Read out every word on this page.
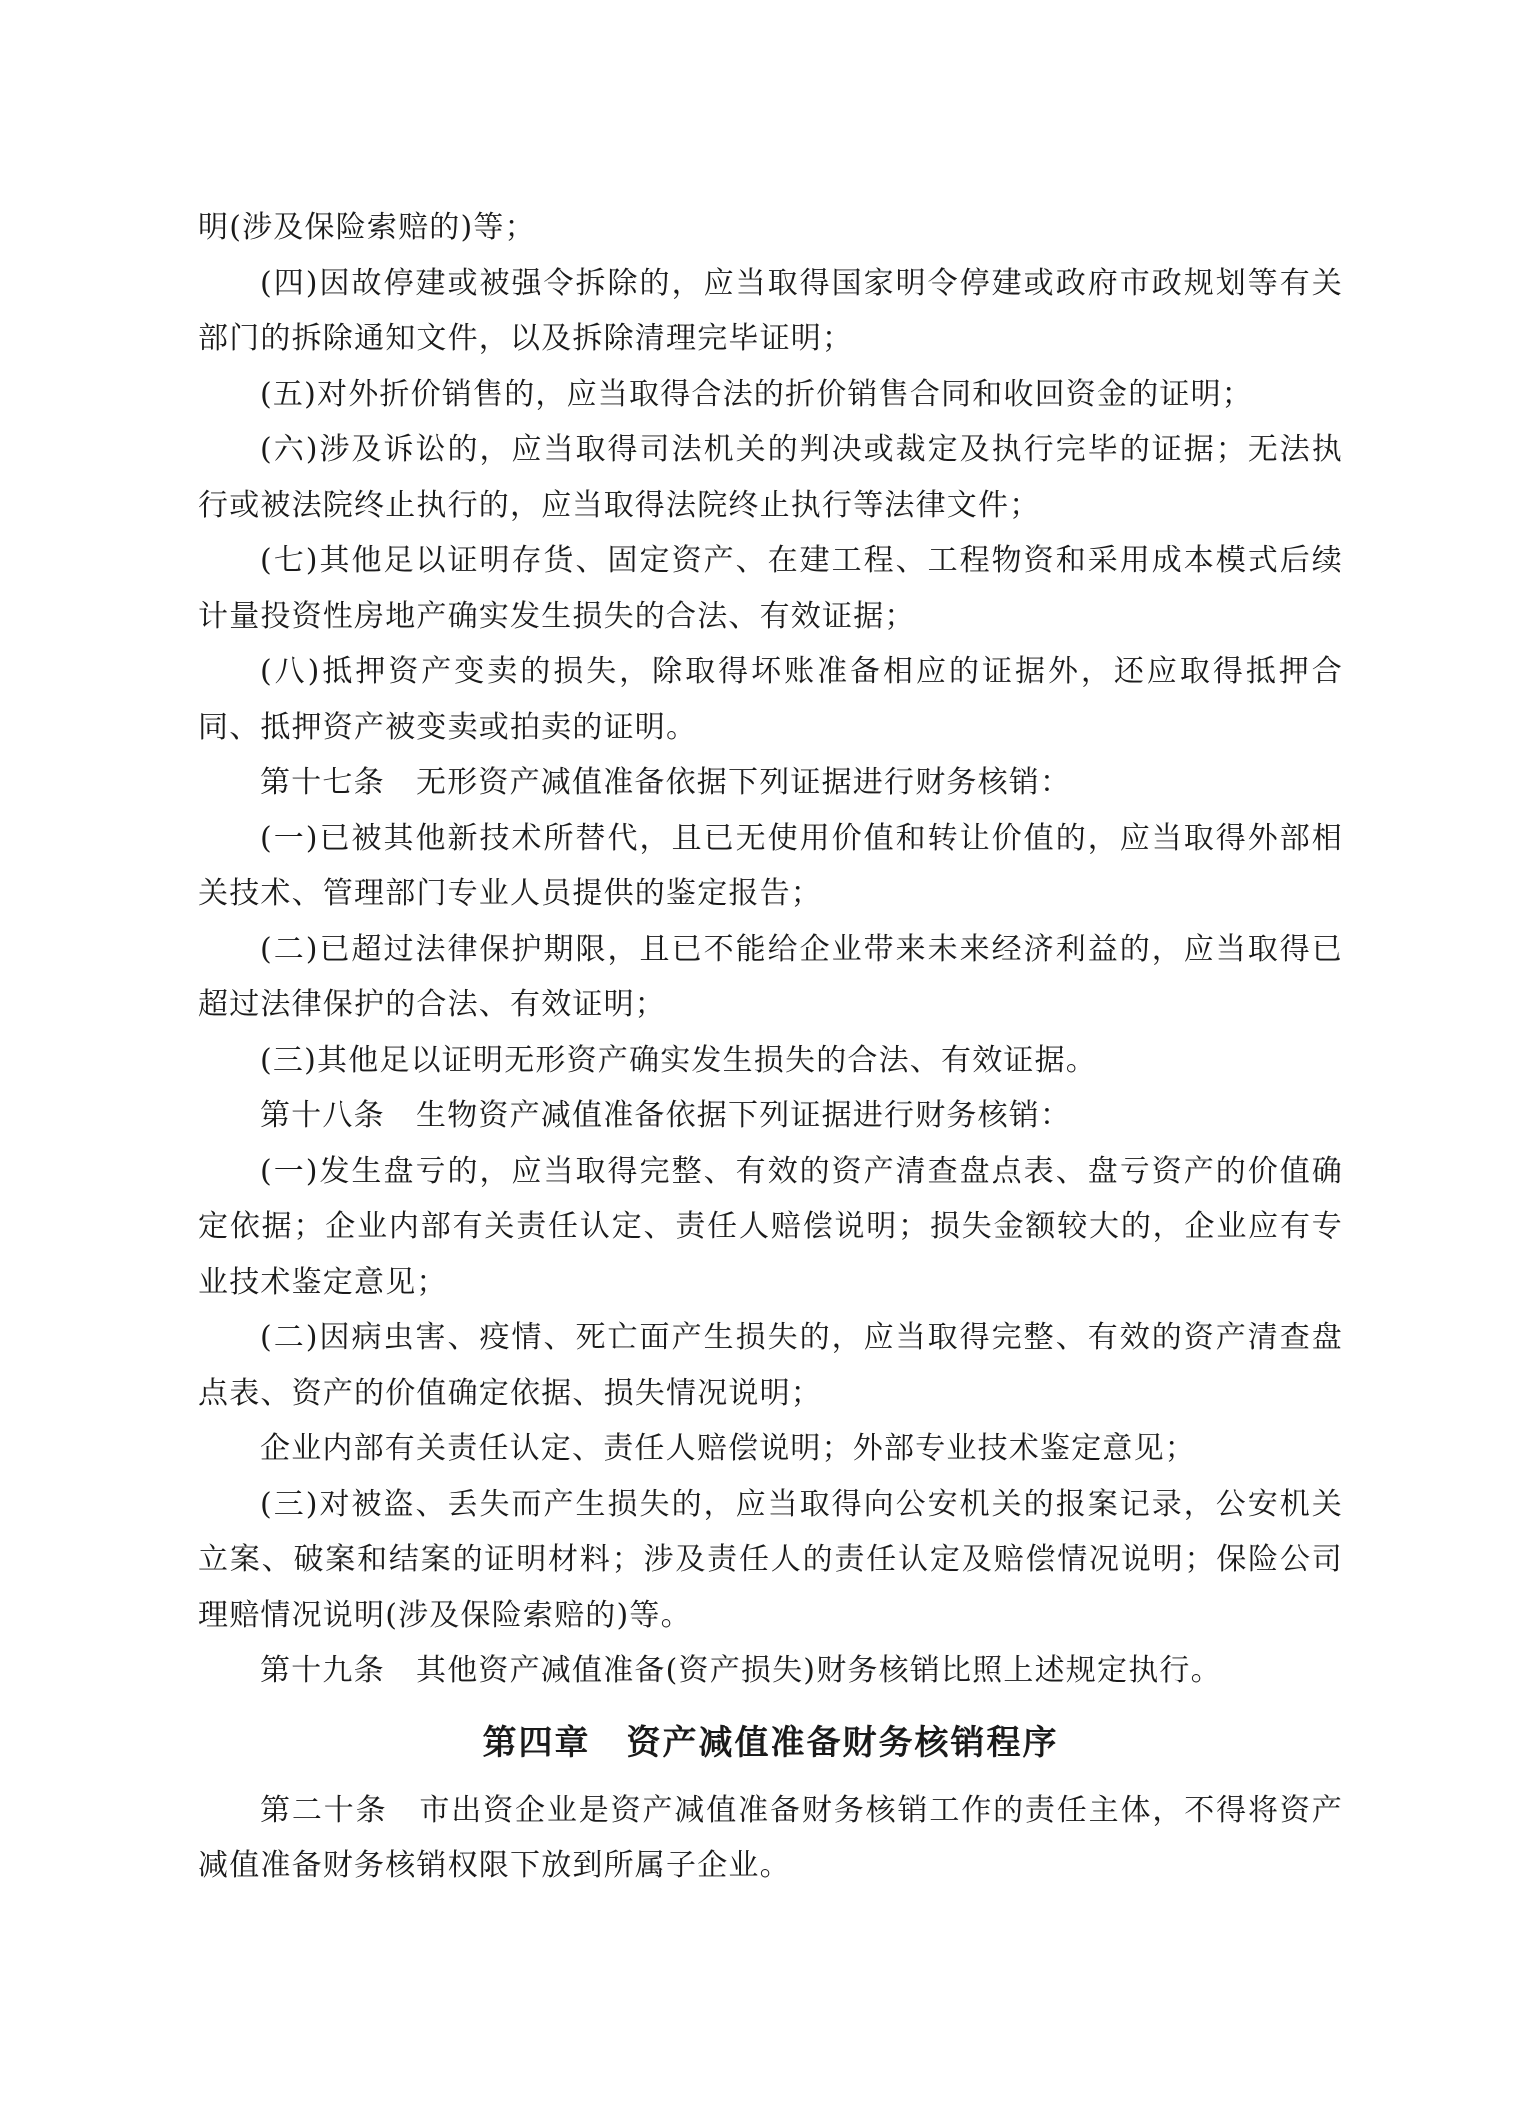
明(涉及保险索赔的)等；

(四)因故停建或被强令拆除的，应当取得国家明令停建或政府市政规划等有关部门的拆除通知文件，以及拆除清理完毕证明；

(五)对外折价销售的，应当取得合法的折价销售合同和收回资金的证明；

(六)涉及诉讼的，应当取得司法机关的判决或裁定及执行完毕的证据；无法执行或被法院终止执行的，应当取得法院终止执行等法律文件；

(七)其他足以证明存货、固定资产、在建工程、工程物资和采用成本模式后续计量投资性房地产确实发生损失的合法、有效证据；

(八)抵押资产变卖的损失，除取得坏账准备相应的证据外，还应取得抵押合同、抵押资产被变卖或拍卖的证明。

第十七条　无形资产减值准备依据下列证据进行财务核销：

(一)已被其他新技术所替代，且已无使用价值和转让价值的，应当取得外部相关技术、管理部门专业人员提供的鉴定报告；

(二)已超过法律保护期限，且已不能给企业带来未来经济利益的，应当取得已超过法律保护的合法、有效证明；

(三)其他足以证明无形资产确实发生损失的合法、有效证据。

第十八条　生物资产减值准备依据下列证据进行财务核销：

(一)发生盘亏的，应当取得完整、有效的资产清查盘点表、盘亏资产的价值确定依据；企业内部有关责任认定、责任人赔偿说明；损失金额较大的，企业应有专业技术鉴定意见；

(二)因病虫害、疫情、死亡面产生损失的，应当取得完整、有效的资产清查盘点表、资产的价值确定依据、损失情况说明；

企业内部有关责任认定、责任人赔偿说明；外部专业技术鉴定意见；

(三)对被盗、丢失而产生损失的，应当取得向公安机关的报案记录，公安机关立案、破案和结案的证明材料；涉及责任人的责任认定及赔偿情况说明；保险公司理赔情况说明(涉及保险索赔的)等。

第十九条　其他资产减值准备(资产损失)财务核销比照上述规定执行。

第四章　资产减值准备财务核销程序

第二十条　市出资企业是资产减值准备财务核销工作的责任主体，不得将资产减值准备财务核销权限下放到所属子企业。
